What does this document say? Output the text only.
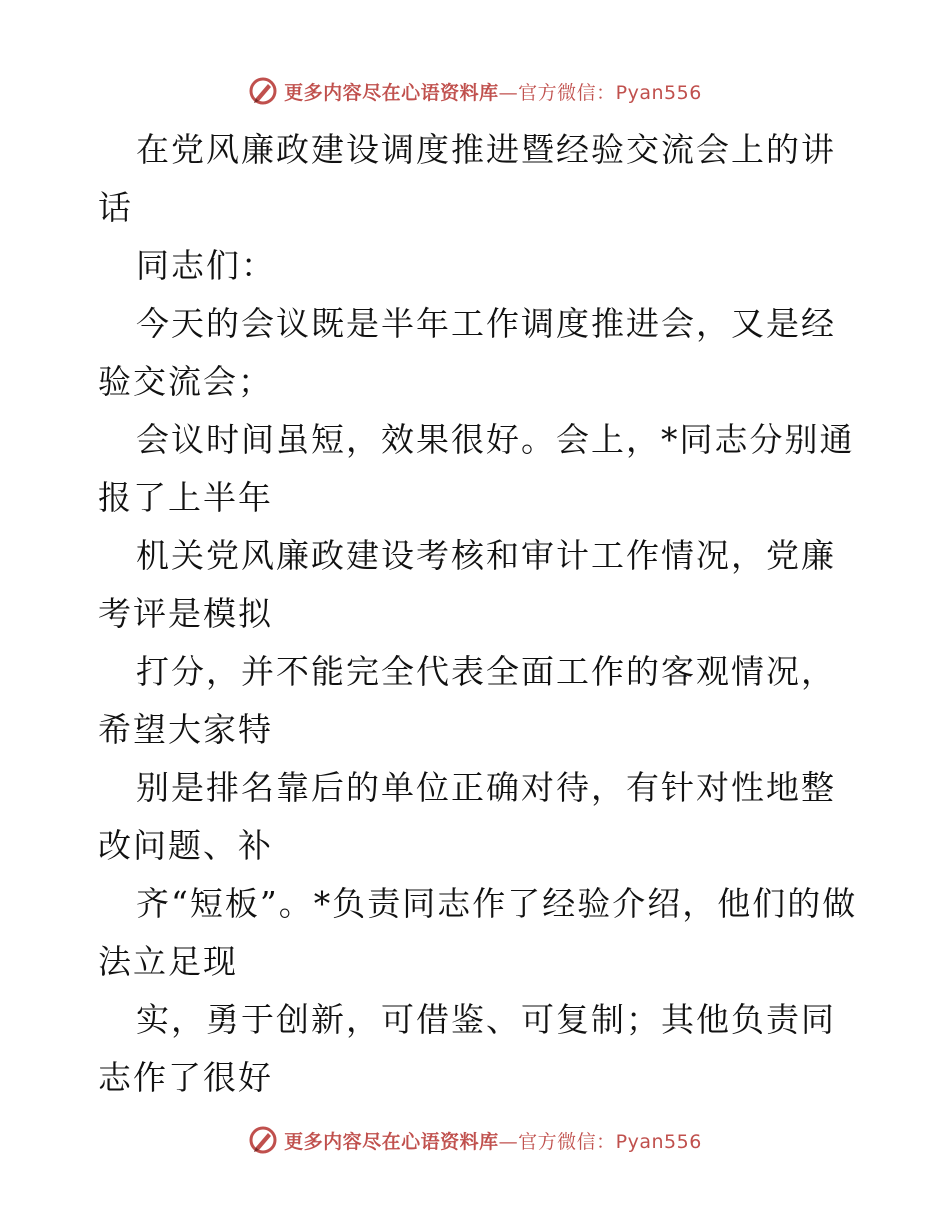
更多内容尽在心语资料库—官方微信：Pyan556

在党风廉政建设调度推进暨经验交流会上的讲话

同志们：

今天的会议既是半年工作调度推进会，又是经验交流会；

会议时间虽短，效果很好。会上，*同志分别通报了上半年

机关党风廉政建设考核和审计工作情况，党廉考评是模拟

打分，并不能完全代表全面工作的客观情况，希望大家特

别是排名靠后的单位正确对待，有针对性地整改问题、补

齐“短板”。*负责同志作了经验介绍，他们的做法立足现

实，勇于创新，可借鉴、可复制；其他负责同志作了很好

更多内容尽在心语资料库—官方微信：Pyan556
